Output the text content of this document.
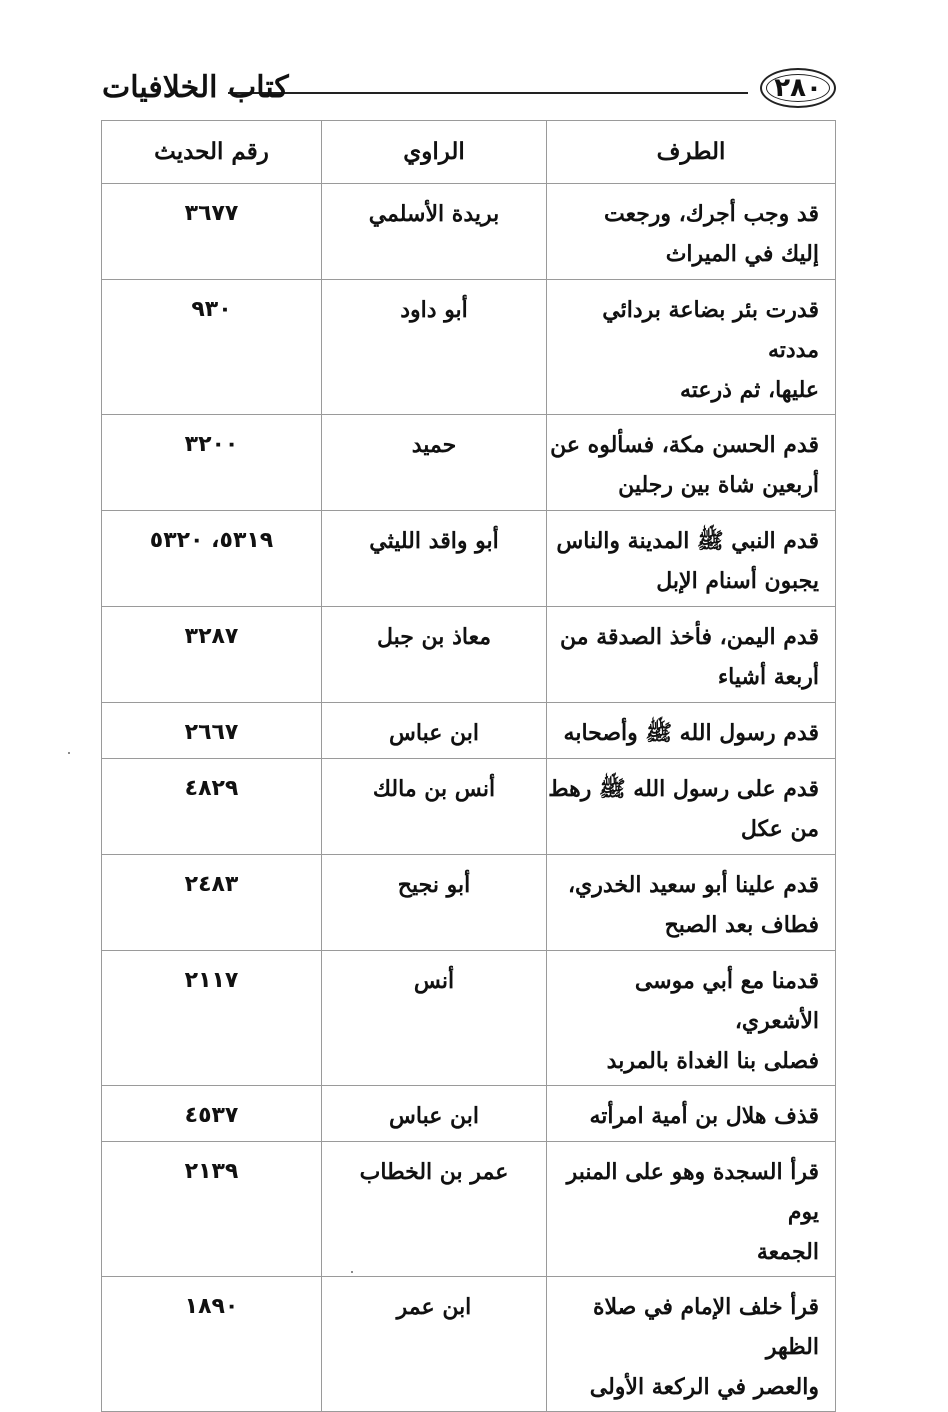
٢٨٠
كتاب الخلافيات
الطرف	الراوي	رقم الحديث

قد وجب أجرك، ورجعت
إليك في الميراث	بريدة الأسلمي	٣٦٧٧

قدرت بئر بضاعة بردائي مددته
عليها، ثم ذرعته	أبو داود	٩٣٠

قدم الحسن مكة، فسألوه عن
أربعين شاة بين رجلين	حميد	٣٢٠٠

قدم النبي ﷺ المدينة والناس
يجبون أسنام الإبل	أبو واقد الليثي	٥٣١٩، ٥٣٢٠

قدم اليمن، فأخذ الصدقة من
أربعة أشياء	معاذ بن جبل	٣٢٨٧

قدم رسول الله ﷺ وأصحابه	ابن عباس	٢٦٦٧

قدم على رسول الله ﷺ رهط
من عكل	أنس بن مالك	٤٨٢٩

قدم علينا أبو سعيد الخدري،
فطاف بعد الصبح	أبو نجيح	٢٤٨٣

قدمنا مع أبي موسى الأشعري،
فصلى بنا الغداة بالمربد	أنس	٢١١٧

قذف هلال بن أمية امرأته	ابن عباس	٤٥٣٧

قرأ السجدة وهو على المنبر يوم
الجمعة	عمر بن الخطاب	٢١٣٩

قرأ خلف الإمام في صلاة الظهر
والعصر في الركعة الأولى	ابن عمر	١٨٩٠
